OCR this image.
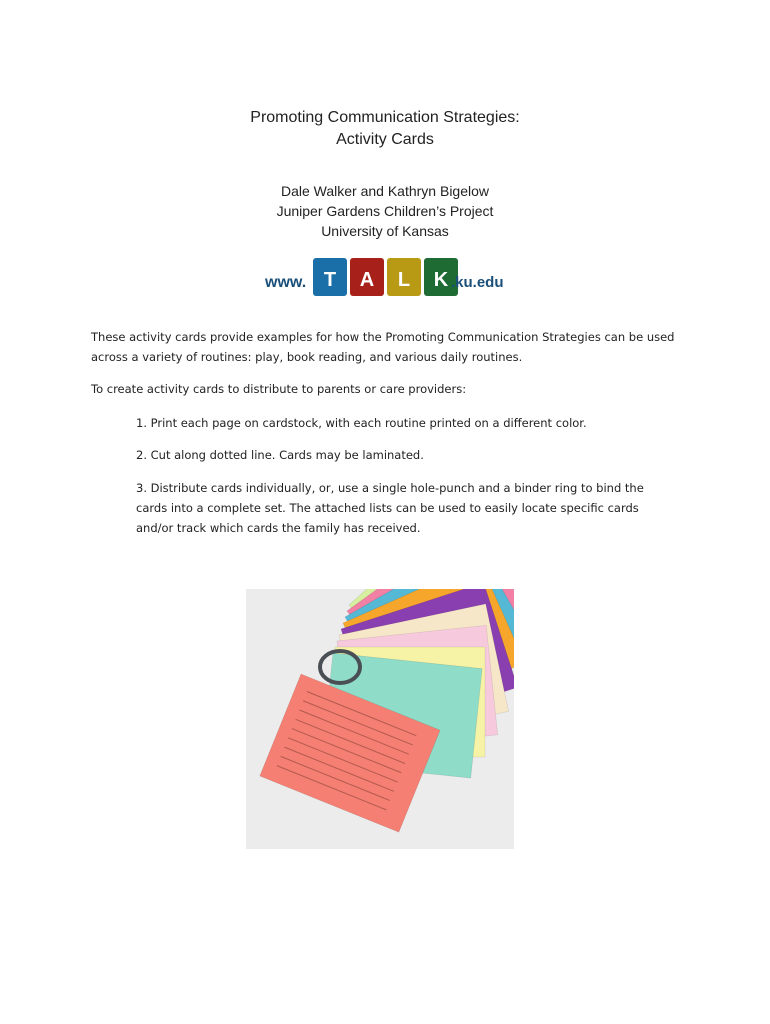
Promoting Communication Strategies:
Activity Cards
Dale Walker and Kathryn Bigelow
Juniper Gardens Children’s Project
University of Kansas
www. T A L K .ku.edu
These activity cards provide examples for how the Promoting Communication Strategies can be used across a variety of routines: play, book reading, and various daily routines.
To create activity cards to distribute to parents or care providers:
1. Print each page on cardstock, with each routine printed on a different color.
2. Cut along dotted line. Cards may be laminated.
3. Distribute cards individually, or, use a single hole-punch and a binder ring to bind the cards into a complete set. The attached lists can be used to easily locate specific cards and/or track which cards the family has received.
